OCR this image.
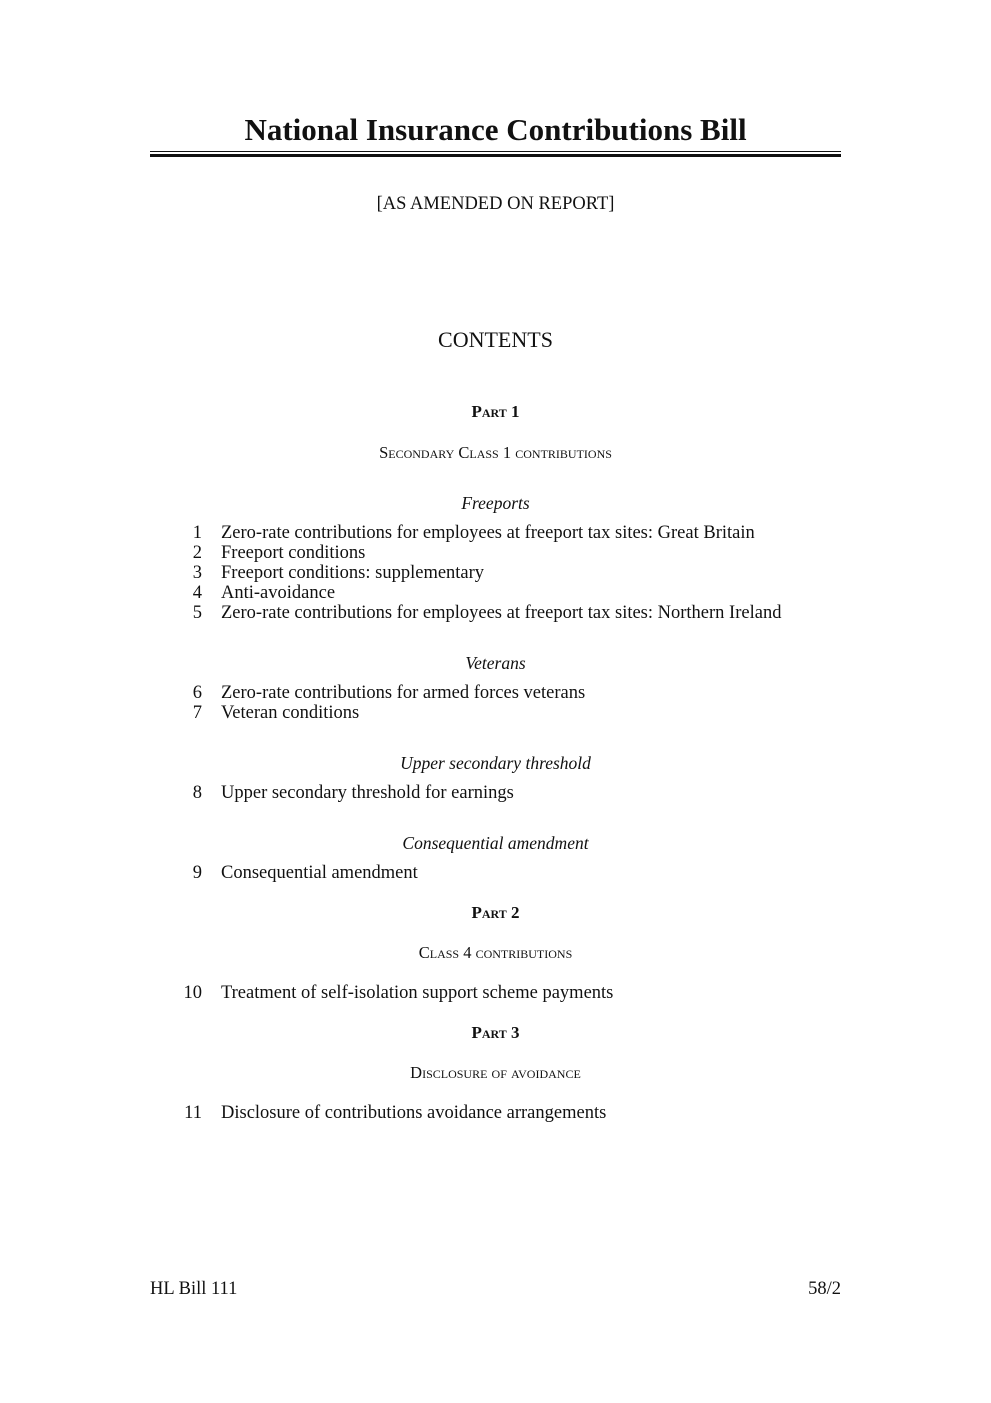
National Insurance Contributions Bill
[AS AMENDED ON REPORT]
CONTENTS
Part 1
Secondary Class 1 contributions
Freeports
1 Zero-rate contributions for employees at freeport tax sites: Great Britain
2 Freeport conditions
3 Freeport conditions: supplementary
4 Anti-avoidance
5 Zero-rate contributions for employees at freeport tax sites: Northern Ireland
Veterans
6 Zero-rate contributions for armed forces veterans
7 Veteran conditions
Upper secondary threshold
8 Upper secondary threshold for earnings
Consequential amendment
9 Consequential amendment
Part 2
Class 4 contributions
10 Treatment of self-isolation support scheme payments
Part 3
Disclosure of avoidance
11 Disclosure of contributions avoidance arrangements
HL Bill 111	58/2
